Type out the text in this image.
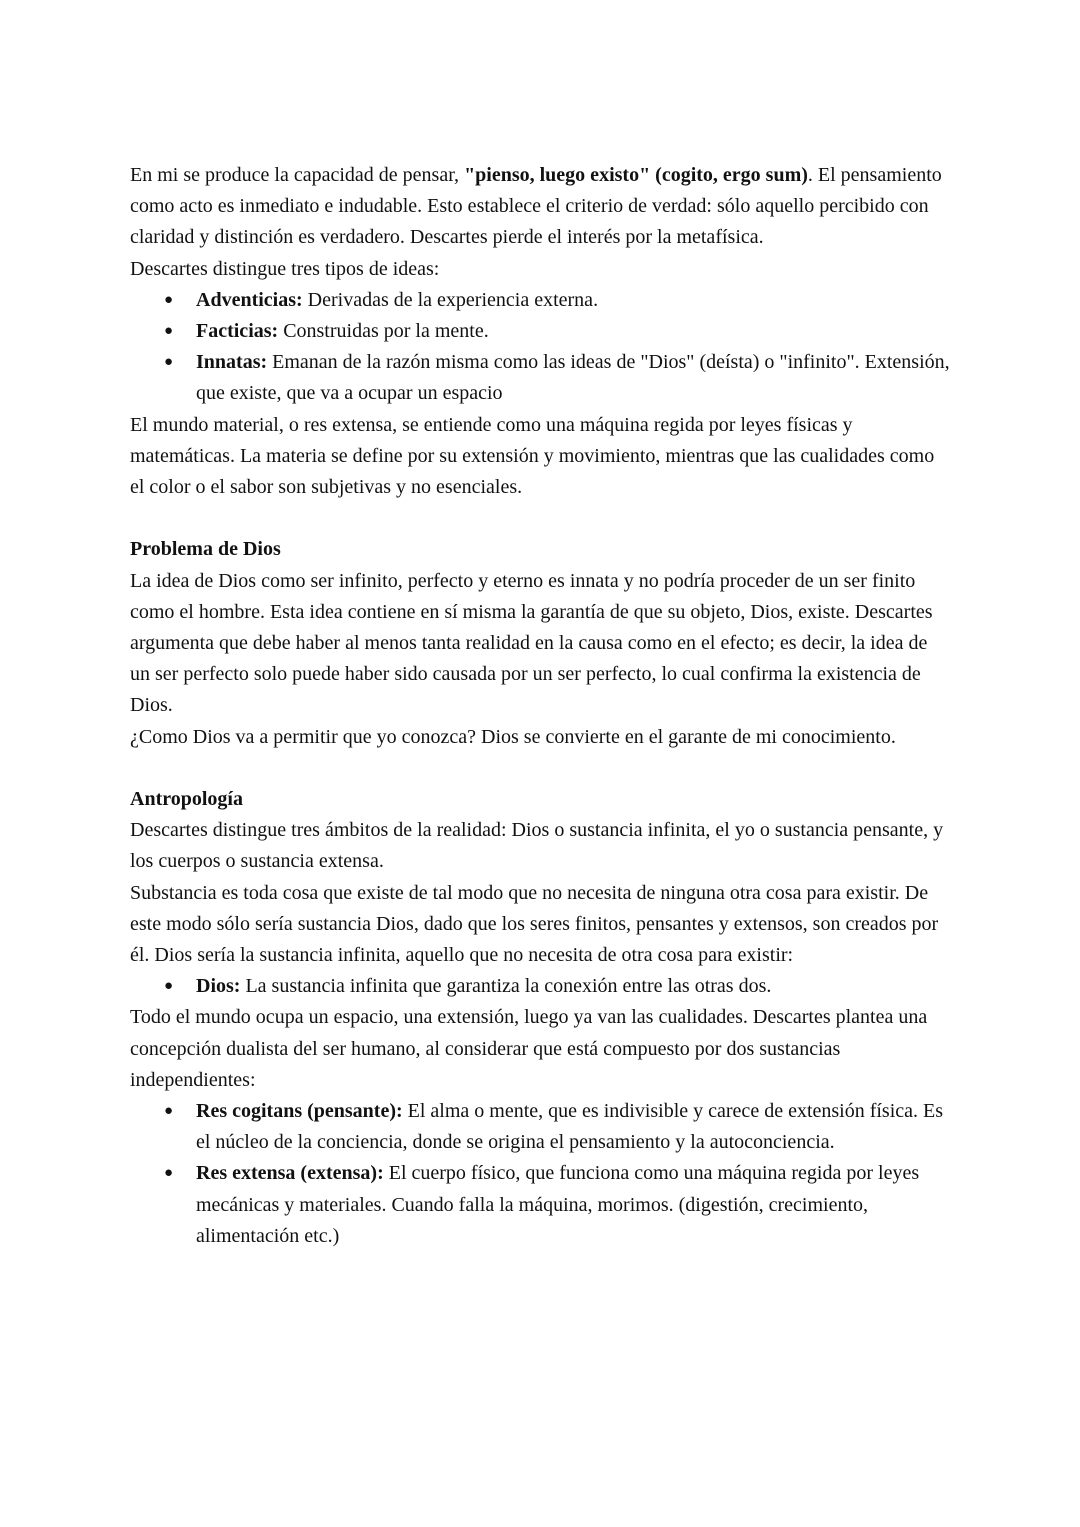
En mi se produce la capacidad de pensar, "pienso, luego existo" (cogito, ergo sum). El pensamiento como acto es inmediato e indudable. Esto establece el criterio de verdad: sólo aquello percibido con claridad y distinción es verdadero. Descartes pierde el interés por la metafísica.

Descartes distingue tres tipos de ideas:

● Adventicias: Derivadas de la experiencia externa.
● Facticias: Construidas por la mente.
● Innatas: Emanan de la razón misma como las ideas de "Dios" (deísta) o "infinito". Extensión, que existe, que va a ocupar un espacio

El mundo material, o res extensa, se entiende como una máquina regida por leyes físicas y matemáticas. La materia se define por su extensión y movimiento, mientras que las cualidades como el color o el sabor son subjetivas y no esenciales.

Problema de Dios

La idea de Dios como ser infinito, perfecto y eterno es innata y no podría proceder de un ser finito como el hombre. Esta idea contiene en sí misma la garantía de que su objeto, Dios, existe. Descartes argumenta que debe haber al menos tanta realidad en la causa como en el efecto; es decir, la idea de un ser perfecto solo puede haber sido causada por un ser perfecto, lo cual confirma la existencia de Dios.

¿Como Dios va a permitir que yo conozca? Dios se convierte en el garante de mi conocimiento.

Antropología

Descartes distingue tres ámbitos de la realidad: Dios o sustancia infinita, el yo o sustancia pensante, y los cuerpos o sustancia extensa.

Substancia es toda cosa que existe de tal modo que no necesita de ninguna otra cosa para existir. De este modo sólo sería sustancia Dios, dado que los seres finitos, pensantes y extensos, son creados por él. Dios sería la sustancia infinita, aquello que no necesita de otra cosa para existir:

● Dios: La sustancia infinita que garantiza la conexión entre las otras dos.

Todo el mundo ocupa un espacio, una extensión, luego ya van las cualidades. Descartes plantea una concepción dualista del ser humano, al considerar que está compuesto por dos sustancias independientes:

● Res cogitans (pensante): El alma o mente, que es indivisible y carece de extensión física. Es el núcleo de la conciencia, donde se origina el pensamiento y la autoconciencia.
● Res extensa (extensa): El cuerpo físico, que funciona como una máquina regida por leyes mecánicas y materiales. Cuando falla la máquina, morimos. (digestión, crecimiento, alimentación etc.)
